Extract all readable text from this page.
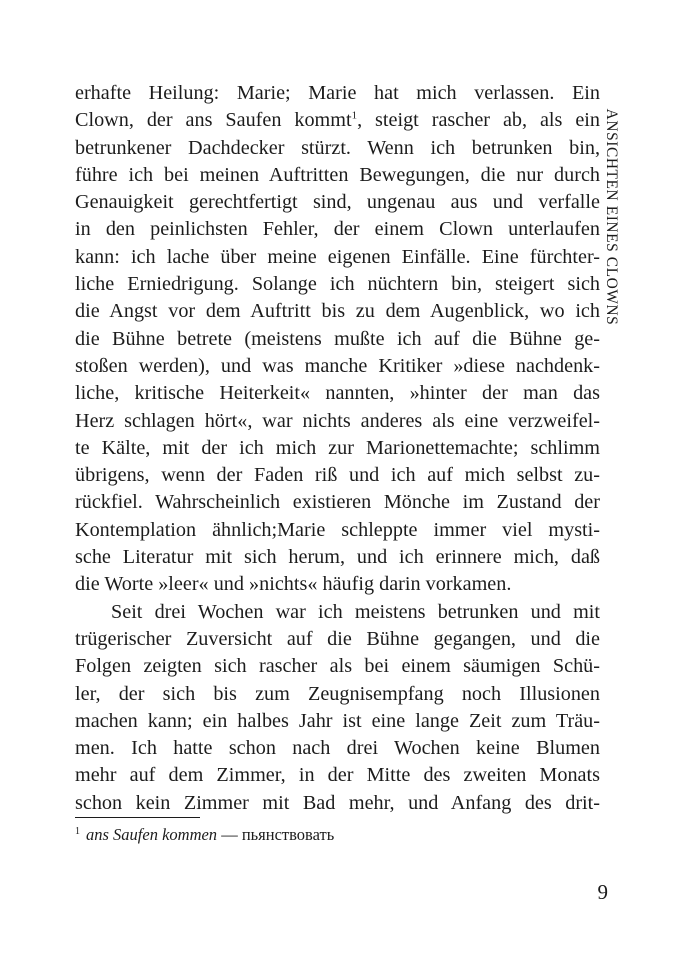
erhafte Heilung: Marie; Marie hat mich verlassen. Ein
Clown, der ans Saufen kommt$^1$, steigt rascher ab, als ein
betrunkener Dachdecker stürzt. Wenn ich betrunken bin,
führe ich bei meinen Auftritten Bewegungen, die nur durch
Genauigkeit gerechtfertigt sind, ungenau aus und verfalle
in den peinlichsten Fehler, der einem Clown unterlaufen
kann: ich lache über meine eigenen Einfälle. Eine fürchter-
liche Erniedrigung. Solange ich nüchtern bin, steigert sich
die Angst vor dem Auftritt bis zu dem Augenblick, wo ich
die Bühne betrete (meistens mußte ich auf die Bühne ge-
stoßen werden), und was manche Kritiker »diese nachdenk-
liche, kritische Heiterkeit« nannten, »hinter der man das
Herz schlagen hört«, war nichts anderes als eine verzweifel-
te Kälte, mit der ich mich zur Marionettemachte; schlimm
übrigens, wenn der Faden riß und ich auf mich selbst zu-
rückfiel. Wahrscheinlich existieren Mönche im Zustand der
Kontemplation ähnlich;Marie schleppte immer viel mysti-
sche Literatur mit sich herum, und ich erinnere mich, daß
die Worte »leer« und »nichts« häufig darin vorkamen.
Seit drei Wochen war ich meistens betrunken und mit
trügerischer Zuversicht auf die Bühne gegangen, und die
Folgen zeigten sich rascher als bei einem säumigen Schü-
ler, der sich bis zum Zeugnisempfang noch Illusionen
machen kann; ein halbes Jahr ist eine lange Zeit zum Träu-
men. Ich hatte schon nach drei Wochen keine Blumen
mehr auf dem Zimmer, in der Mitte des zweiten Monats
schon kein Zimmer mit Bad mehr, und Anfang des drit-
ANSICHTEN EINES CLOWNS
$^1$ ans Saufen kommen — пьянствовать
9
